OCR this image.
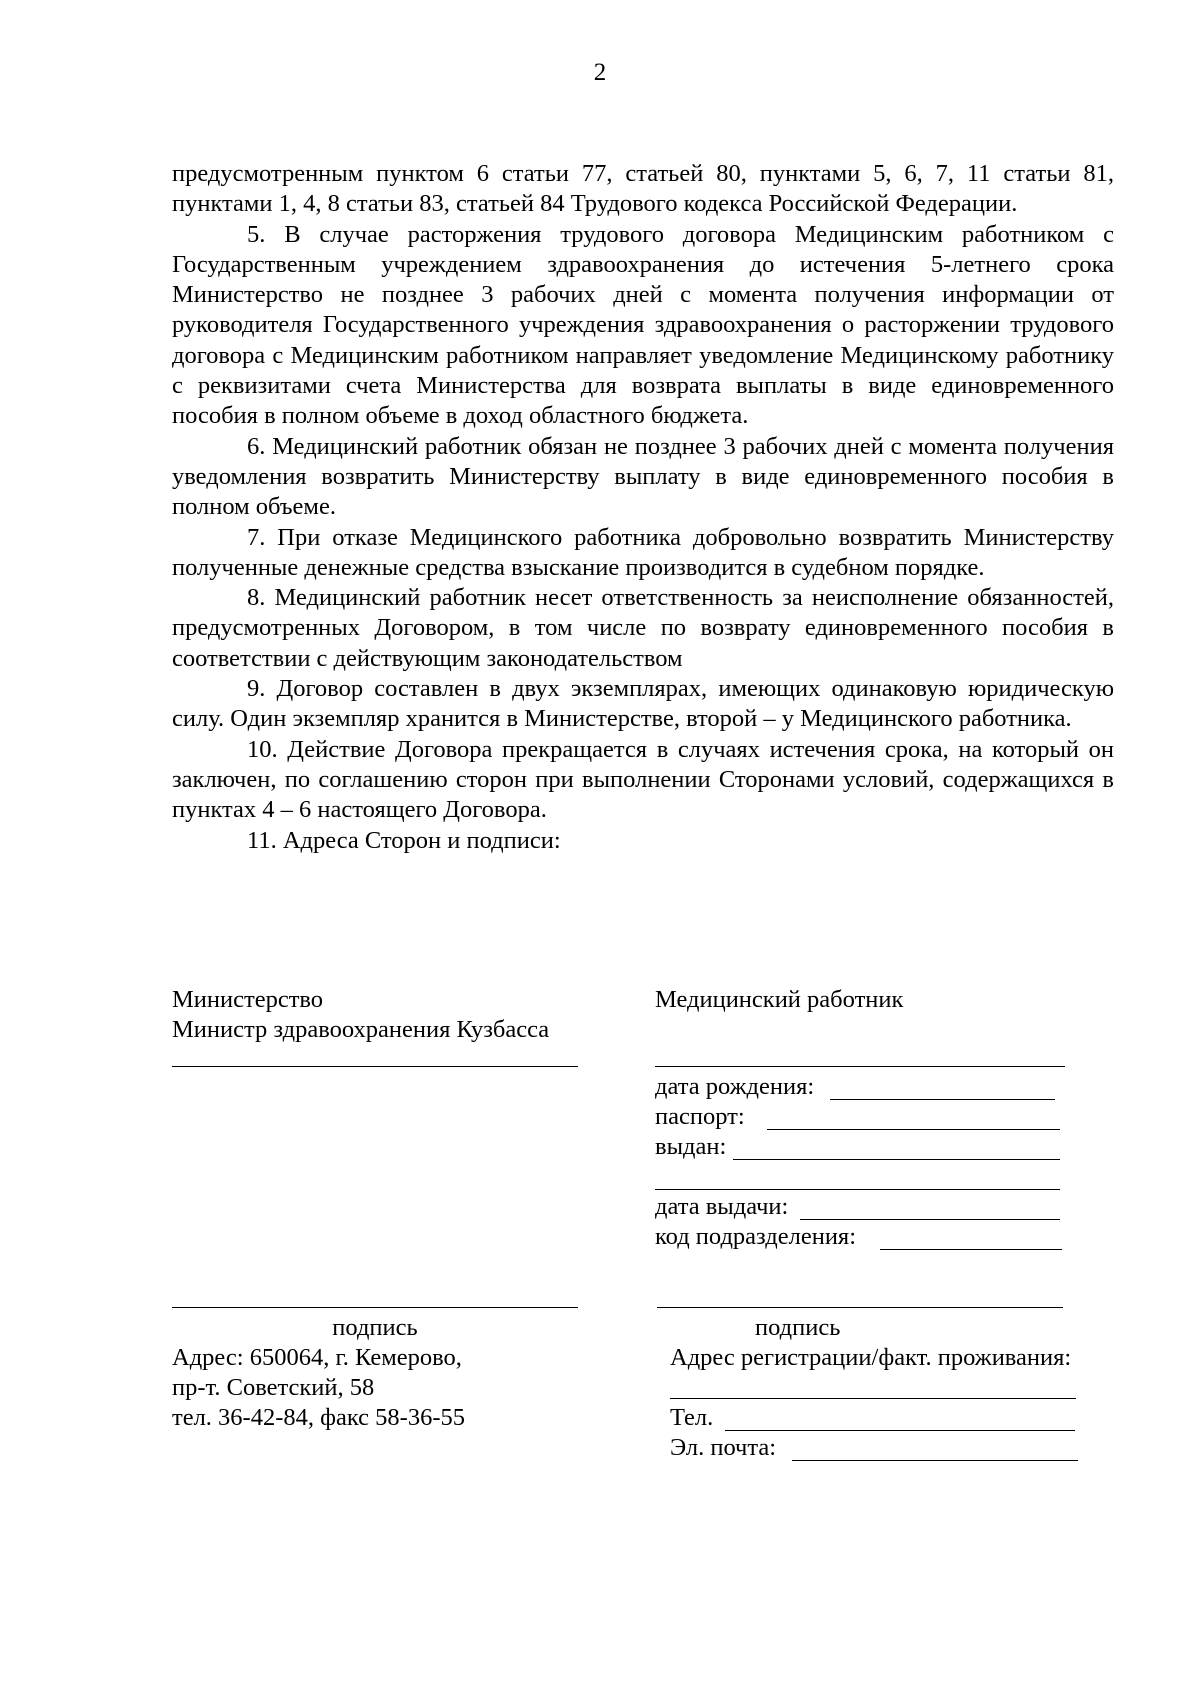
2

предусмотренным пунктом 6 статьи 77, статьей 80, пунктами 5, 6, 7, 11 статьи 81, пунктами 1, 4, 8 статьи 83, статьей 84 Трудового кодекса Российской Федерации.

5. В случае расторжения трудового договора Медицинским работником с Государственным учреждением здравоохранения до истечения 5-летнего срока Министерство не позднее 3 рабочих дней с момента получения информации от руководителя Государственного учреждения здравоохранения о расторжении трудового договора с Медицинским работником направляет уведомление Медицинскому работнику с реквизитами счета Министерства для возврата выплаты в виде единовременного пособия в полном объеме в доход областного бюджета.

6. Медицинский работник обязан не позднее 3 рабочих дней с момента получения уведомления возвратить Министерству выплату в виде единовременного пособия в полном объеме.

7. При отказе Медицинского работника добровольно возвратить Министерству полученные денежные средства взыскание производится в судебном порядке.

8. Медицинский работник несет ответственность за неисполнение обязанностей, предусмотренных Договором, в том числе по возврату единовременного пособия в соответствии с действующим законодательством

9. Договор составлен в двух экземплярах, имеющих одинаковую юридическую силу. Один экземпляр хранится в Министерстве, второй – у Медицинского работника.

10. Действие Договора прекращается в случаях истечения срока, на который он заключен, по соглашению сторон при выполнении Сторонами условий, содержащихся в пунктах 4 – 6 настоящего Договора.

11. Адреса Сторон и подписи:

Министерство
Министр здравоохранения Кузбасса
подпись
Адрес: 650064, г. Кемерово,
пр-т. Советский, 58
тел. 36-42-84, факс 58-36-55
Медицинский работник
дата рождения:
паспорт:
выдан:
дата выдачи:
код подразделения:
подпись
Адрес регистрации/факт. проживания:
Тел.
Эл. почта:
